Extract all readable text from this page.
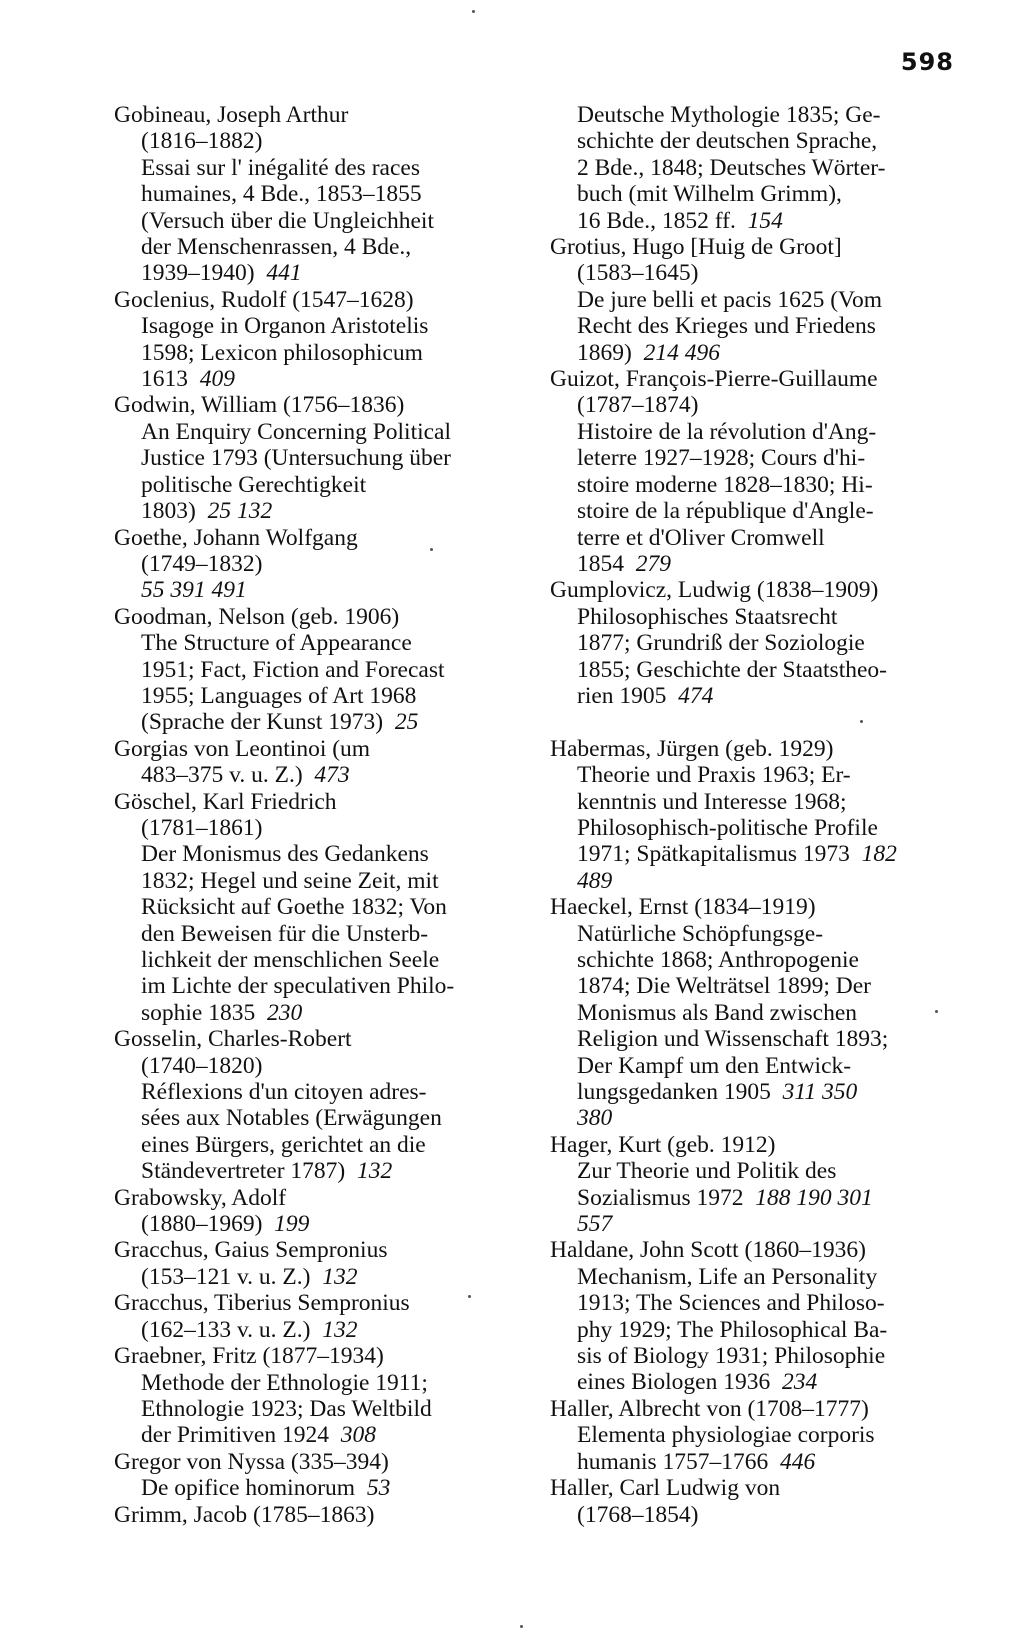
598
Gobineau, Joseph Arthur
(1816–1882)
Essai sur l' inégalité des races
humaines, 4 Bde., 1853–1855
(Versuch über die Ungleichheit
der Menschenrassen, 4 Bde.,
1939–1940)  441
Goclenius, Rudolf (1547–1628)
Isagoge in Organon Aristotelis
1598; Lexicon philosophicum
1613  409
Godwin, William (1756–1836)
An Enquiry Concerning Political
Justice 1793 (Untersuchung über
politische Gerechtigkeit
1803)  25 132
Goethe, Johann Wolfgang
(1749–1832)
55 391 491
Goodman, Nelson (geb. 1906)
The Structure of Appearance
1951; Fact, Fiction and Forecast
1955; Languages of Art 1968
(Sprache der Kunst 1973)  25
Gorgias von Leontinoi (um
483–375 v. u. Z.)  473
Göschel, Karl Friedrich
(1781–1861)
Der Monismus des Gedankens
1832; Hegel und seine Zeit, mit
Rücksicht auf Goethe 1832; Von
den Beweisen für die Unsterb-
lichkeit der menschlichen Seele
im Lichte der speculativen Philo-
sophie 1835  230
Gosselin, Charles-Robert
(1740–1820)
Réflexions d'un citoyen adres-
sées aux Notables (Erwägungen
eines Bürgers, gerichtet an die
Ständevertreter 1787)  132
Grabowsky, Adolf
(1880–1969)  199
Gracchus, Gaius Sempronius
(153–121 v. u. Z.)  132
Gracchus, Tiberius Sempronius
(162–133 v. u. Z.)  132
Graebner, Fritz (1877–1934)
Methode der Ethnologie 1911;
Ethnologie 1923; Das Weltbild
der Primitiven 1924  308
Gregor von Nyssa (335–394)
De opifice hominorum  53
Grimm, Jacob (1785–1863)
Deutsche Mythologie 1835; Ge-
schichte der deutschen Sprache,
2 Bde., 1848; Deutsches Wörter-
buch (mit Wilhelm Grimm),
16 Bde., 1852 ff.  154
Grotius, Hugo [Huig de Groot]
(1583–1645)
De jure belli et pacis 1625 (Vom
Recht des Krieges und Friedens
1869)  214 496
Guizot, François-Pierre-Guillaume
(1787–1874)
Histoire de la révolution d'Ang-
leterre 1927–1928; Cours d'hi-
stoire moderne 1828–1830; Hi-
stoire de la république d'Angle-
terre et d'Oliver Cromwell
1854  279
Gumplovicz, Ludwig (1838–1909)
Philosophisches Staatsrecht
1877; Grundriß der Soziologie
1855; Geschichte der Staatstheo-
rien 1905  474
Habermas, Jürgen (geb. 1929)
Theorie und Praxis 1963; Er-
kenntnis und Interesse 1968;
Philosophisch-politische Profile
1971; Spätkapitalismus 1973  182
489
Haeckel, Ernst (1834–1919)
Natürliche Schöpfungsge-
schichte 1868; Anthropogenie
1874; Die Welträtsel 1899; Der
Monismus als Band zwischen
Religion und Wissenschaft 1893;
Der Kampf um den Entwick-
lungsgedanken 1905  311 350
380
Hager, Kurt (geb. 1912)
Zur Theorie und Politik des
Sozialismus 1972  188 190 301
557
Haldane, John Scott (1860–1936)
Mechanism, Life an Personality
1913; The Sciences and Philoso-
phy 1929; The Philosophical Ba-
sis of Biology 1931; Philosophie
eines Biologen 1936  234
Haller, Albrecht von (1708–1777)
Elementa physiologiae corporis
humanis 1757–1766  446
Haller, Carl Ludwig von
(1768–1854)
